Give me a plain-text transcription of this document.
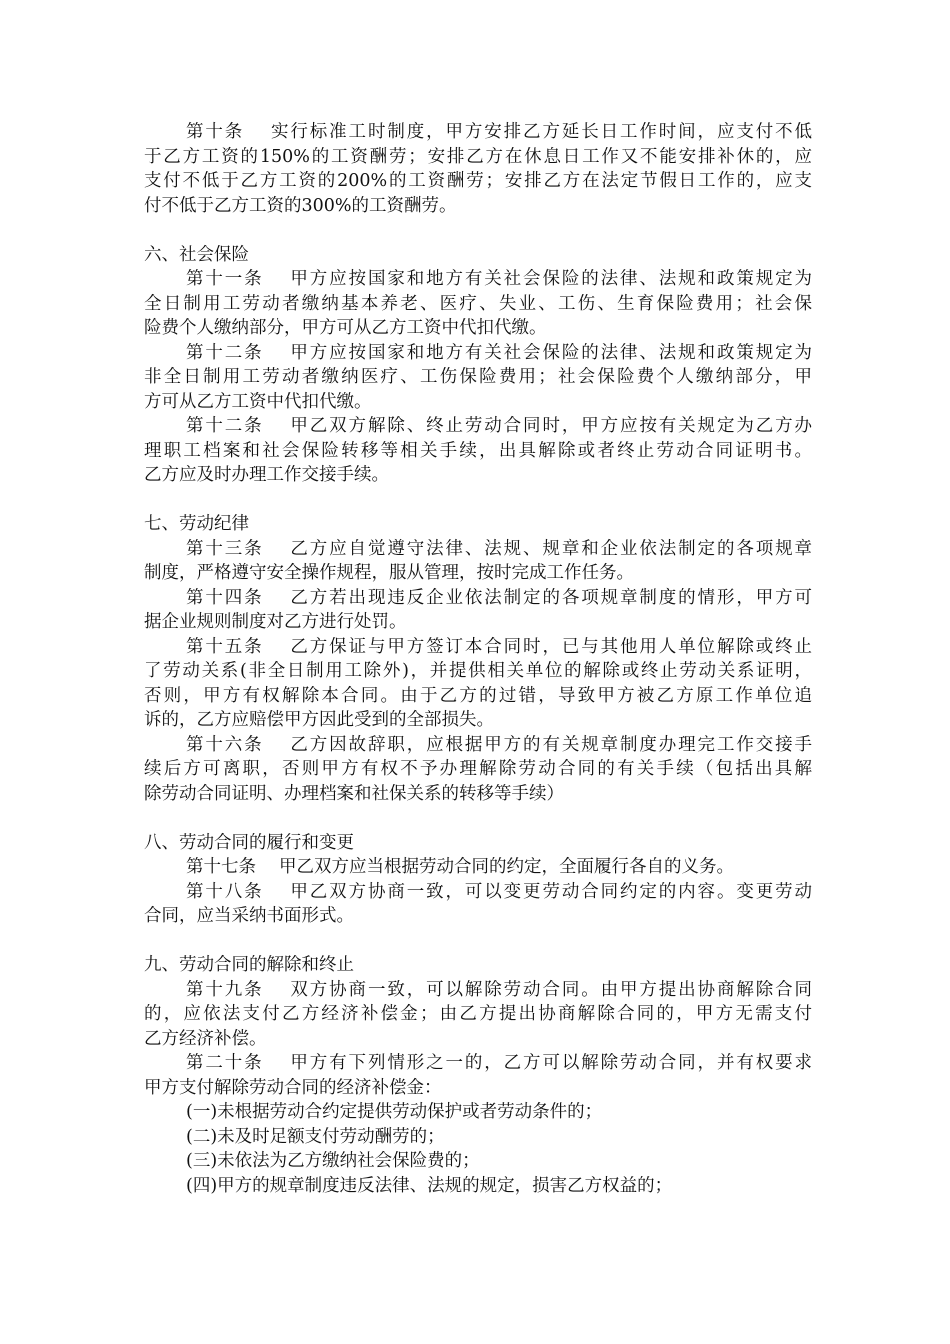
第十条　 实行标准工时制度，甲方安排乙方延长日工作时间，应支付不低
于乙方工资的150%的工资酬劳；安排乙方在休息日工作又不能安排补休的，应
支付不低于乙方工资的200%的工资酬劳；安排乙方在法定节假日工作的，应支
付不低于乙方工资的300%的工资酬劳。
六、社会保险
第十一条　 甲方应按国家和地方有关社会保险的法律、法规和政策规定为
全日制用工劳动者缴纳基本养老、医疗、失业、工伤、生育保险费用；社会保
险费个人缴纳部分，甲方可从乙方工资中代扣代缴。
第十二条　 甲方应按国家和地方有关社会保险的法律、法规和政策规定为
非全日制用工劳动者缴纳医疗、工伤保险费用；社会保险费个人缴纳部分，甲
方可从乙方工资中代扣代缴。
第十二条　 甲乙双方解除、终止劳动合同时，甲方应按有关规定为乙方办
理职工档案和社会保险转移等相关手续，出具解除或者终止劳动合同证明书。
乙方应及时办理工作交接手续。
七、劳动纪律
第十三条　 乙方应自觉遵守法律、法规、规章和企业依法制定的各项规章
制度，严格遵守安全操作规程，服从管理，按时完成工作任务。
第十四条　 乙方若出现违反企业依法制定的各项规章制度的情形，甲方可
据企业规则制度对乙方进行处罚。
第十五条　 乙方保证与甲方签订本合同时，已与其他用人单位解除或终止
了劳动关系(非全日制用工除外)，并提供相关单位的解除或终止劳动关系证明，
否则，甲方有权解除本合同。由于乙方的过错，导致甲方被乙方原工作单位追
诉的，乙方应赔偿甲方因此受到的全部损失。
第十六条　 乙方因故辞职，应根据甲方的有关规章制度办理完工作交接手
续后方可离职，否则甲方有权不予办理解除劳动合同的有关手续（包括出具解
除劳动合同证明、办理档案和社保关系的转移等手续）
八、劳动合同的履行和变更
第十七条　 甲乙双方应当根据劳动合同的约定，全面履行各自的义务。
第十八条　 甲乙双方协商一致，可以变更劳动合同约定的内容。变更劳动
合同，应当采纳书面形式。
九、劳动合同的解除和终止
第十九条　 双方协商一致，可以解除劳动合同。由甲方提出协商解除合同
的，应依法支付乙方经济补偿金；由乙方提出协商解除合同的，甲方无需支付
乙方经济补偿。
第二十条　 甲方有下列情形之一的，乙方可以解除劳动合同，并有权要求
甲方支付解除劳动合同的经济补偿金：
(一)未根据劳动合约定提供劳动保护或者劳动条件的；
(二)未及时足额支付劳动酬劳的；
(三)未依法为乙方缴纳社会保险费的；
(四)甲方的规章制度违反法律、法规的规定，损害乙方权益的；
